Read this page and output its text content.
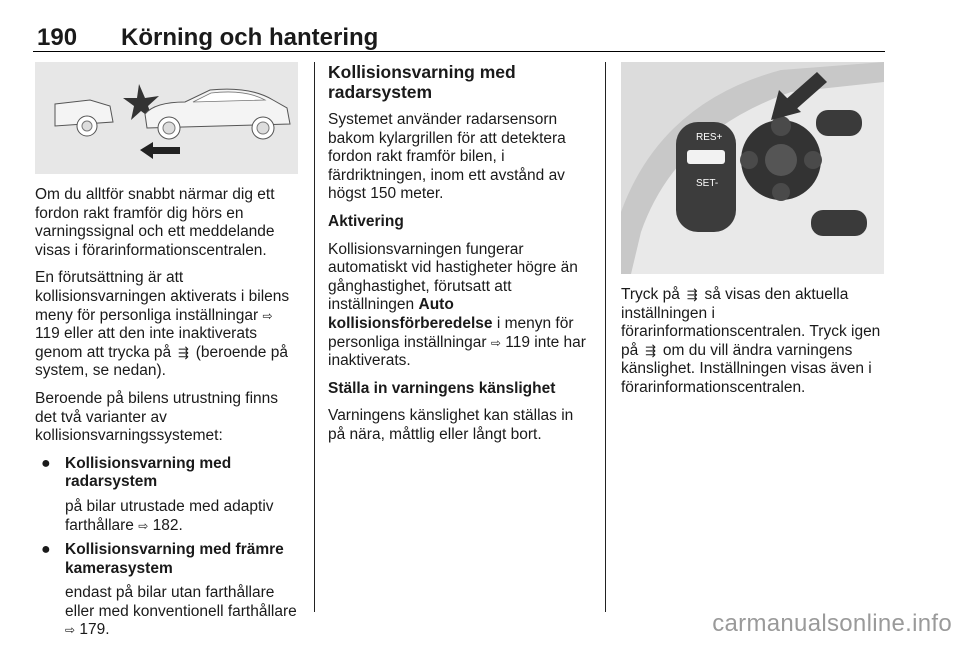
190 Körning och hantering

Om du alltför snabbt närmar dig ett fordon rakt framför dig hörs en varningssignal och ett meddelande visas i förarinformationscentralen.

En förutsättning är att kollisionsvarningen aktiverats i bilens meny för personliga inställningar ⇨ 119 eller att den inte inaktiverats genom att trycka på ⇶ (beroende på system, se nedan).

Beroende på bilens utrustning finns det två varianter av kollisionsvarningssystemet:

● Kollisionsvarning med radarsystem
på bilar utrustade med adaptiv farthållare ⇨ 182.
● Kollisionsvarning med främre kamerasystem
endast på bilar utan farthållare eller med konventionell farthållare ⇨ 179.

Kollisionsvarning med radarsystem

Systemet använder radarsensorn bakom kylargrillen för att detektera fordon rakt framför bilen, i färdriktningen, inom ett avstånd av högst 150 meter.

Aktivering

Kollisionsvarningen fungerar automatiskt vid hastigheter högre än gånghastighet, förutsatt att inställningen Auto kollisionsförberedelse i menyn för personliga inställningar ⇨ 119 inte har inaktiverats.

Ställa in varningens känslighet

Varningens känslighet kan ställas in på nära, måttlig eller långt bort.

RES+
SET-

Tryck på ⇶ så visas den aktuella inställningen i förarinformationscentralen. Tryck igen på ⇶ om du vill ändra varningens känslighet. Inställningen visas även i förarinformationscentralen.

carmanualsonline.info
